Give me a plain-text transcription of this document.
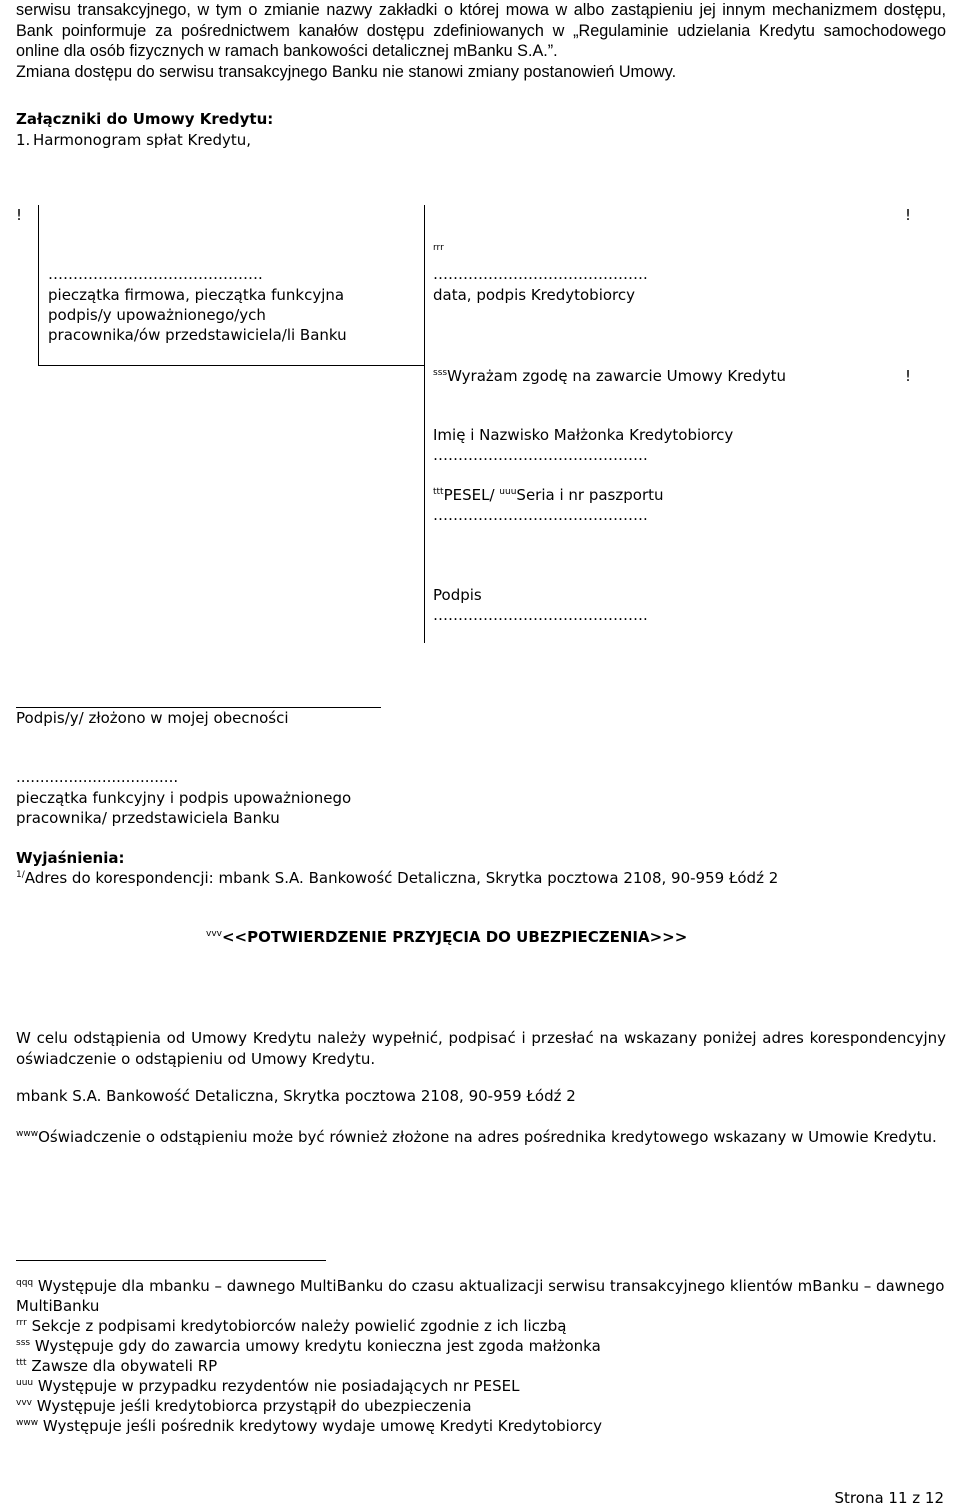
serwisu transakcyjnego, w tym o zmianie nazwy zakładki o której mowa w albo zastąpieniu jej innym mechanizmem dostępu, Bank poinformuje za pośrednictwem kanałów dostępu zdefiniowanych w „Regulaminie udzielania Kredytu samochodowego online dla osób fizycznych w ramach bankowości detalicznej mBanku S.A.”.

Zmiana dostępu do serwisu transakcyjnego Banku nie stanowi zmiany postanowień Umowy.

Załączniki do Umowy Kredytu:
1. Harmonogram spłat Kredytu,
!	!
…………………………………….
pieczątka firmowa, pieczątka funkcyjna
podpis/y upoważnionego/ych
pracownika/ów przedstawiciela/li Banku
rrr
…………………………………….
data, podpis Kredytobiorcy
$^{sss}$Wyrażam zgodę na zawarcie Umowy Kredytu	!
Imię i Nazwisko Małżonka Kredytobiorcy
…………………………………….
$^{ttt}$PESEL/ $^{uuu}$Seria i nr paszportu
…………………………………….
Podpis
…………………………………….
Podpis/y/ złożono w mojej obecności
..................................
pieczątka funkcyjny i podpis upoważnionego
pracownika/ przedstawiciela Banku
Wyjaśnienia:
$^{1/}$Adres do korespondencji: mbank S.A. Bankowość Detaliczna, Skrytka pocztowa 2108, 90-959 Łódź 2
$^{vvv}$<<POTWIERDZENIE PRZYJĘCIA DO UBEZPIECZENIA>>>
W celu odstąpienia od Umowy Kredytu należy wypełnić, podpisać i przesłać na wskazany poniżej adres korespondencyjny oświadczenie o odstąpieniu od Umowy Kredytu.
mbank S.A. Bankowość Detaliczna, Skrytka pocztowa 2108, 90-959 Łódź 2
$^{www}$Oświadczenie o odstąpieniu może być również złożone na adres pośrednika kredytowego wskazany w Umowie Kredytu.
$^{qqq}$ Występuje dla mbanku – dawnego MultiBanku do czasu aktualizacji serwisu transakcyjnego klientów mBanku – dawnego MultiBanku
$^{rrr}$ Sekcje z podpisami kredytobiorców należy powielić zgodnie z ich liczbą
$^{sss}$ Występuje gdy do zawarcia umowy kredytu konieczna jest zgoda małżonka
$^{ttt}$ Zawsze dla obywateli RP
$^{uuu}$ Występuje w przypadku rezydentów nie posiadających nr PESEL
$^{vvv}$ Występuje jeśli kredytobiorca przystąpił do ubezpieczenia
$^{www}$ Występuje jeśli pośrednik kredytowy wydaje umowę Kredyti Kredytobiorcy
Strona 11 z 12
